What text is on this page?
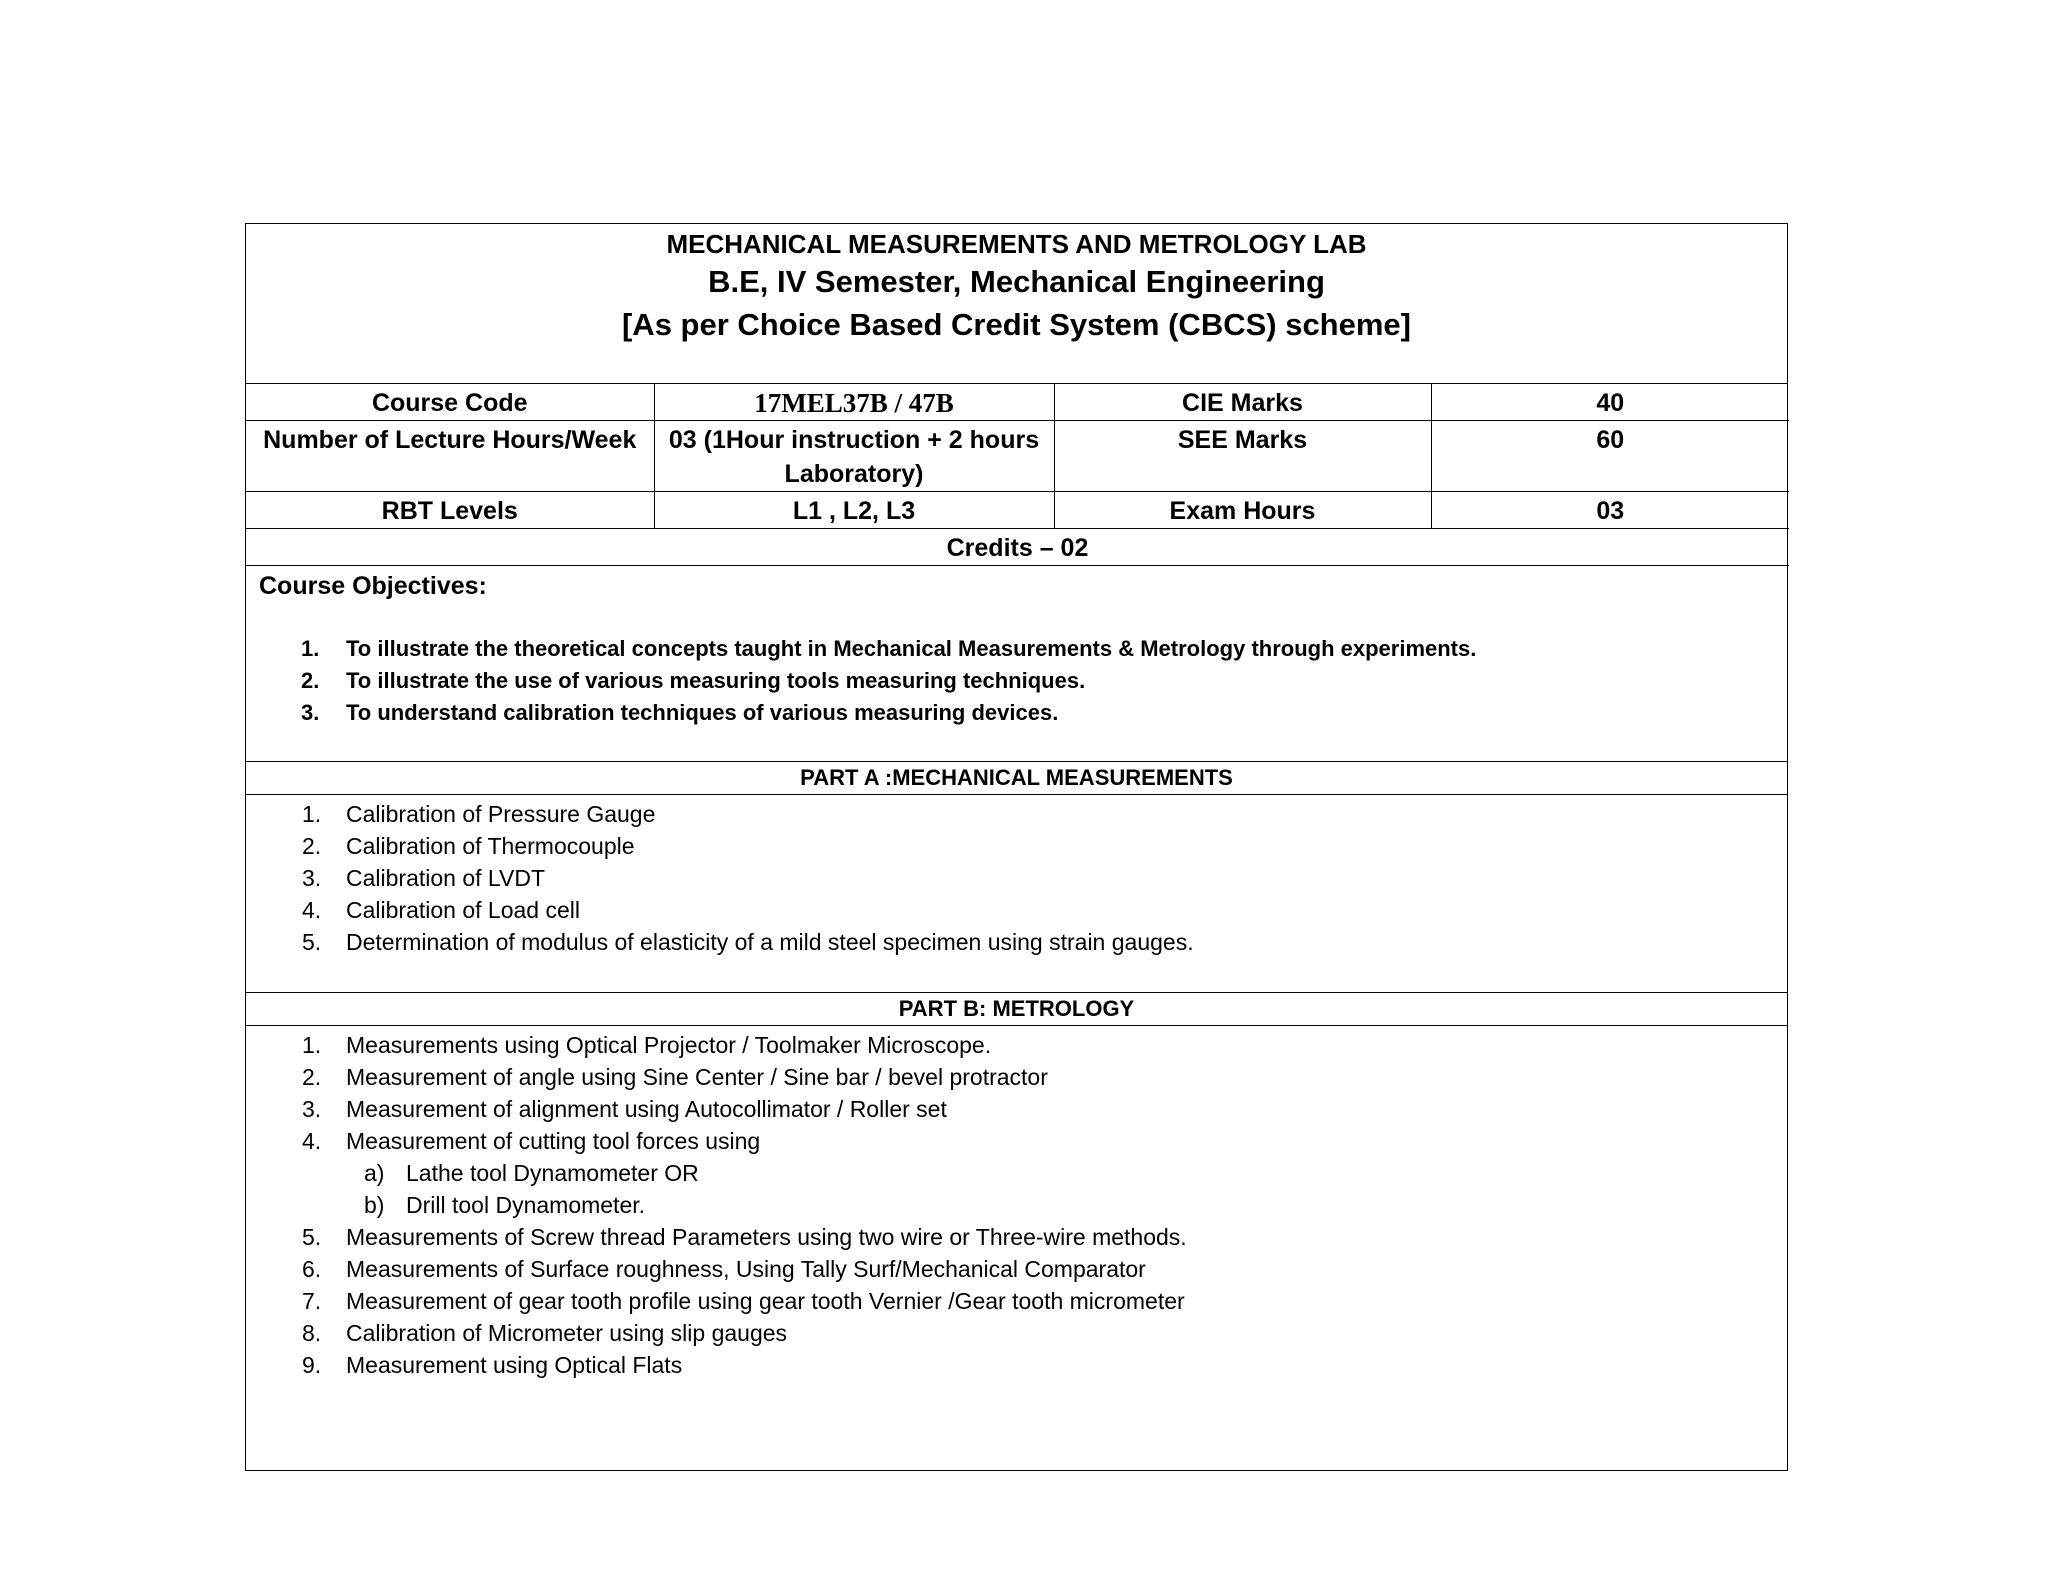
MECHANICAL MEASUREMENTS AND METROLOGY LAB
B.E, IV Semester, Mechanical Engineering
[As per Choice Based Credit System (CBCS) scheme]
Course Code	17MEL37B / 47B	CIE Marks	40
Number of Lecture Hours/Week	03 (1Hour instruction + 2 hours Laboratory)	SEE Marks	60
RBT Levels	L1 , L2, L3	Exam Hours	03
Credits – 02			
Course Objectives:
1. To illustrate the theoretical concepts taught in Mechanical Measurements & Metrology through experiments.
2. To illustrate the use of various measuring tools measuring techniques.
3. To understand calibration techniques of various measuring devices.
PART A :MECHANICAL MEASUREMENTS
1. Calibration of Pressure Gauge
2. Calibration of Thermocouple
3. Calibration of LVDT
4. Calibration of Load cell
5. Determination of modulus of elasticity of a mild steel specimen using strain gauges.
PART B: METROLOGY
1. Measurements using Optical Projector / Toolmaker Microscope.
2. Measurement of angle using Sine Center / Sine bar / bevel protractor
3. Measurement of alignment using Autocollimator / Roller set
4. Measurement of cutting tool forces using
a) Lathe tool Dynamometer OR
b) Drill tool Dynamometer.
5. Measurements of Screw thread Parameters using two wire or Three-wire methods.
6. Measurements of Surface roughness, Using Tally Surf/Mechanical Comparator
7. Measurement of gear tooth profile using gear tooth Vernier /Gear tooth micrometer
8. Calibration of Micrometer using slip gauges
9. Measurement using Optical Flats
